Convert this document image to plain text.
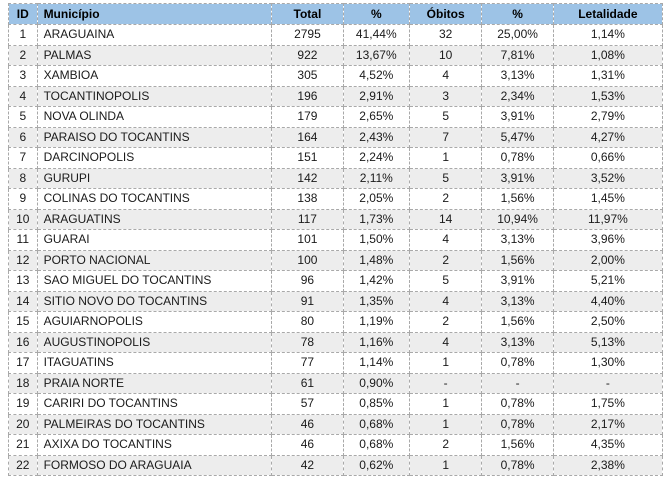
ID	Município	Total	%	Óbitos	%	Letalidade
1	ARAGUAINA	2795	41,44%	32	25,00%	1,14%
2	PALMAS	922	13,67%	10	7,81%	1,08%
3	XAMBIOA	305	4,52%	4	3,13%	1,31%
4	TOCANTINOPOLIS	196	2,91%	3	2,34%	1,53%
5	NOVA OLINDA	179	2,65%	5	3,91%	2,79%
6	PARAISO DO TOCANTINS	164	2,43%	7	5,47%	4,27%
7	DARCINOPOLIS	151	2,24%	1	0,78%	0,66%
8	GURUPI	142	2,11%	5	3,91%	3,52%
9	COLINAS DO TOCANTINS	138	2,05%	2	1,56%	1,45%
10	ARAGUATINS	117	1,73%	14	10,94%	11,97%
11	GUARAI	101	1,50%	4	3,13%	3,96%
12	PORTO NACIONAL	100	1,48%	2	1,56%	2,00%
13	SAO MIGUEL DO TOCANTINS	96	1,42%	5	3,91%	5,21%
14	SITIO NOVO DO TOCANTINS	91	1,35%	4	3,13%	4,40%
15	AGUIARNOPOLIS	80	1,19%	2	1,56%	2,50%
16	AUGUSTINOPOLIS	78	1,16%	4	3,13%	5,13%
17	ITAGUATINS	77	1,14%	1	0,78%	1,30%
18	PRAIA NORTE	61	0,90%	-	-	-
19	CARIRI DO TOCANTINS	57	0,85%	1	0,78%	1,75%
20	PALMEIRAS DO TOCANTINS	46	0,68%	1	0,78%	2,17%
21	AXIXA DO TOCANTINS	46	0,68%	2	1,56%	4,35%
22	FORMOSO DO ARAGUAIA	42	0,62%	1	0,78%	2,38%
